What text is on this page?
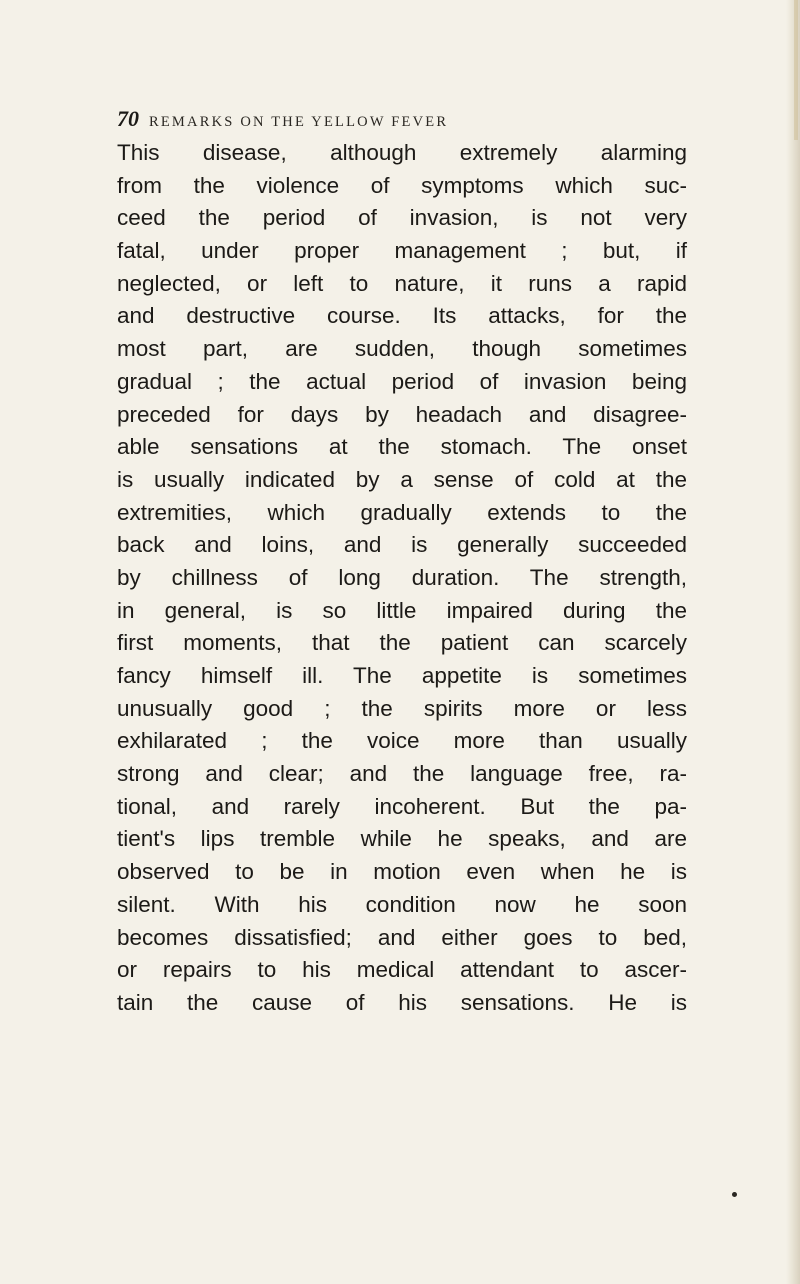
70 REMARKS ON THE YELLOW FEVER
This disease, although extremely alarming
from the violence of symptoms which suc-
ceed the period of invasion, is not very
fatal, under proper management ; but, if
neglected, or left to nature, it runs a rapid
and destructive course. Its attacks, for the
most part, are sudden, though sometimes
gradual ; the actual period of invasion being
preceded for days by headach and disagree-
able sensations at the stomach. The onset
is usually indicated by a sense of cold at the
extremities, which gradually extends to the
back and loins, and is generally succeeded
by chillness of long duration. The strength,
in general, is so little impaired during the
first moments, that the patient can scarcely
fancy himself ill. The appetite is sometimes
unusually good ; the spirits more or less
exhilarated ; the voice more than usually
strong and clear; and the language free, ra-
tional, and rarely incoherent. But the pa-
tient's lips tremble while he speaks, and are
observed to be in motion even when he is
silent. With his condition now he soon
becomes dissatisfied; and either goes to bed,
or repairs to his medical attendant to ascer-
tain the cause of his sensations. He is
